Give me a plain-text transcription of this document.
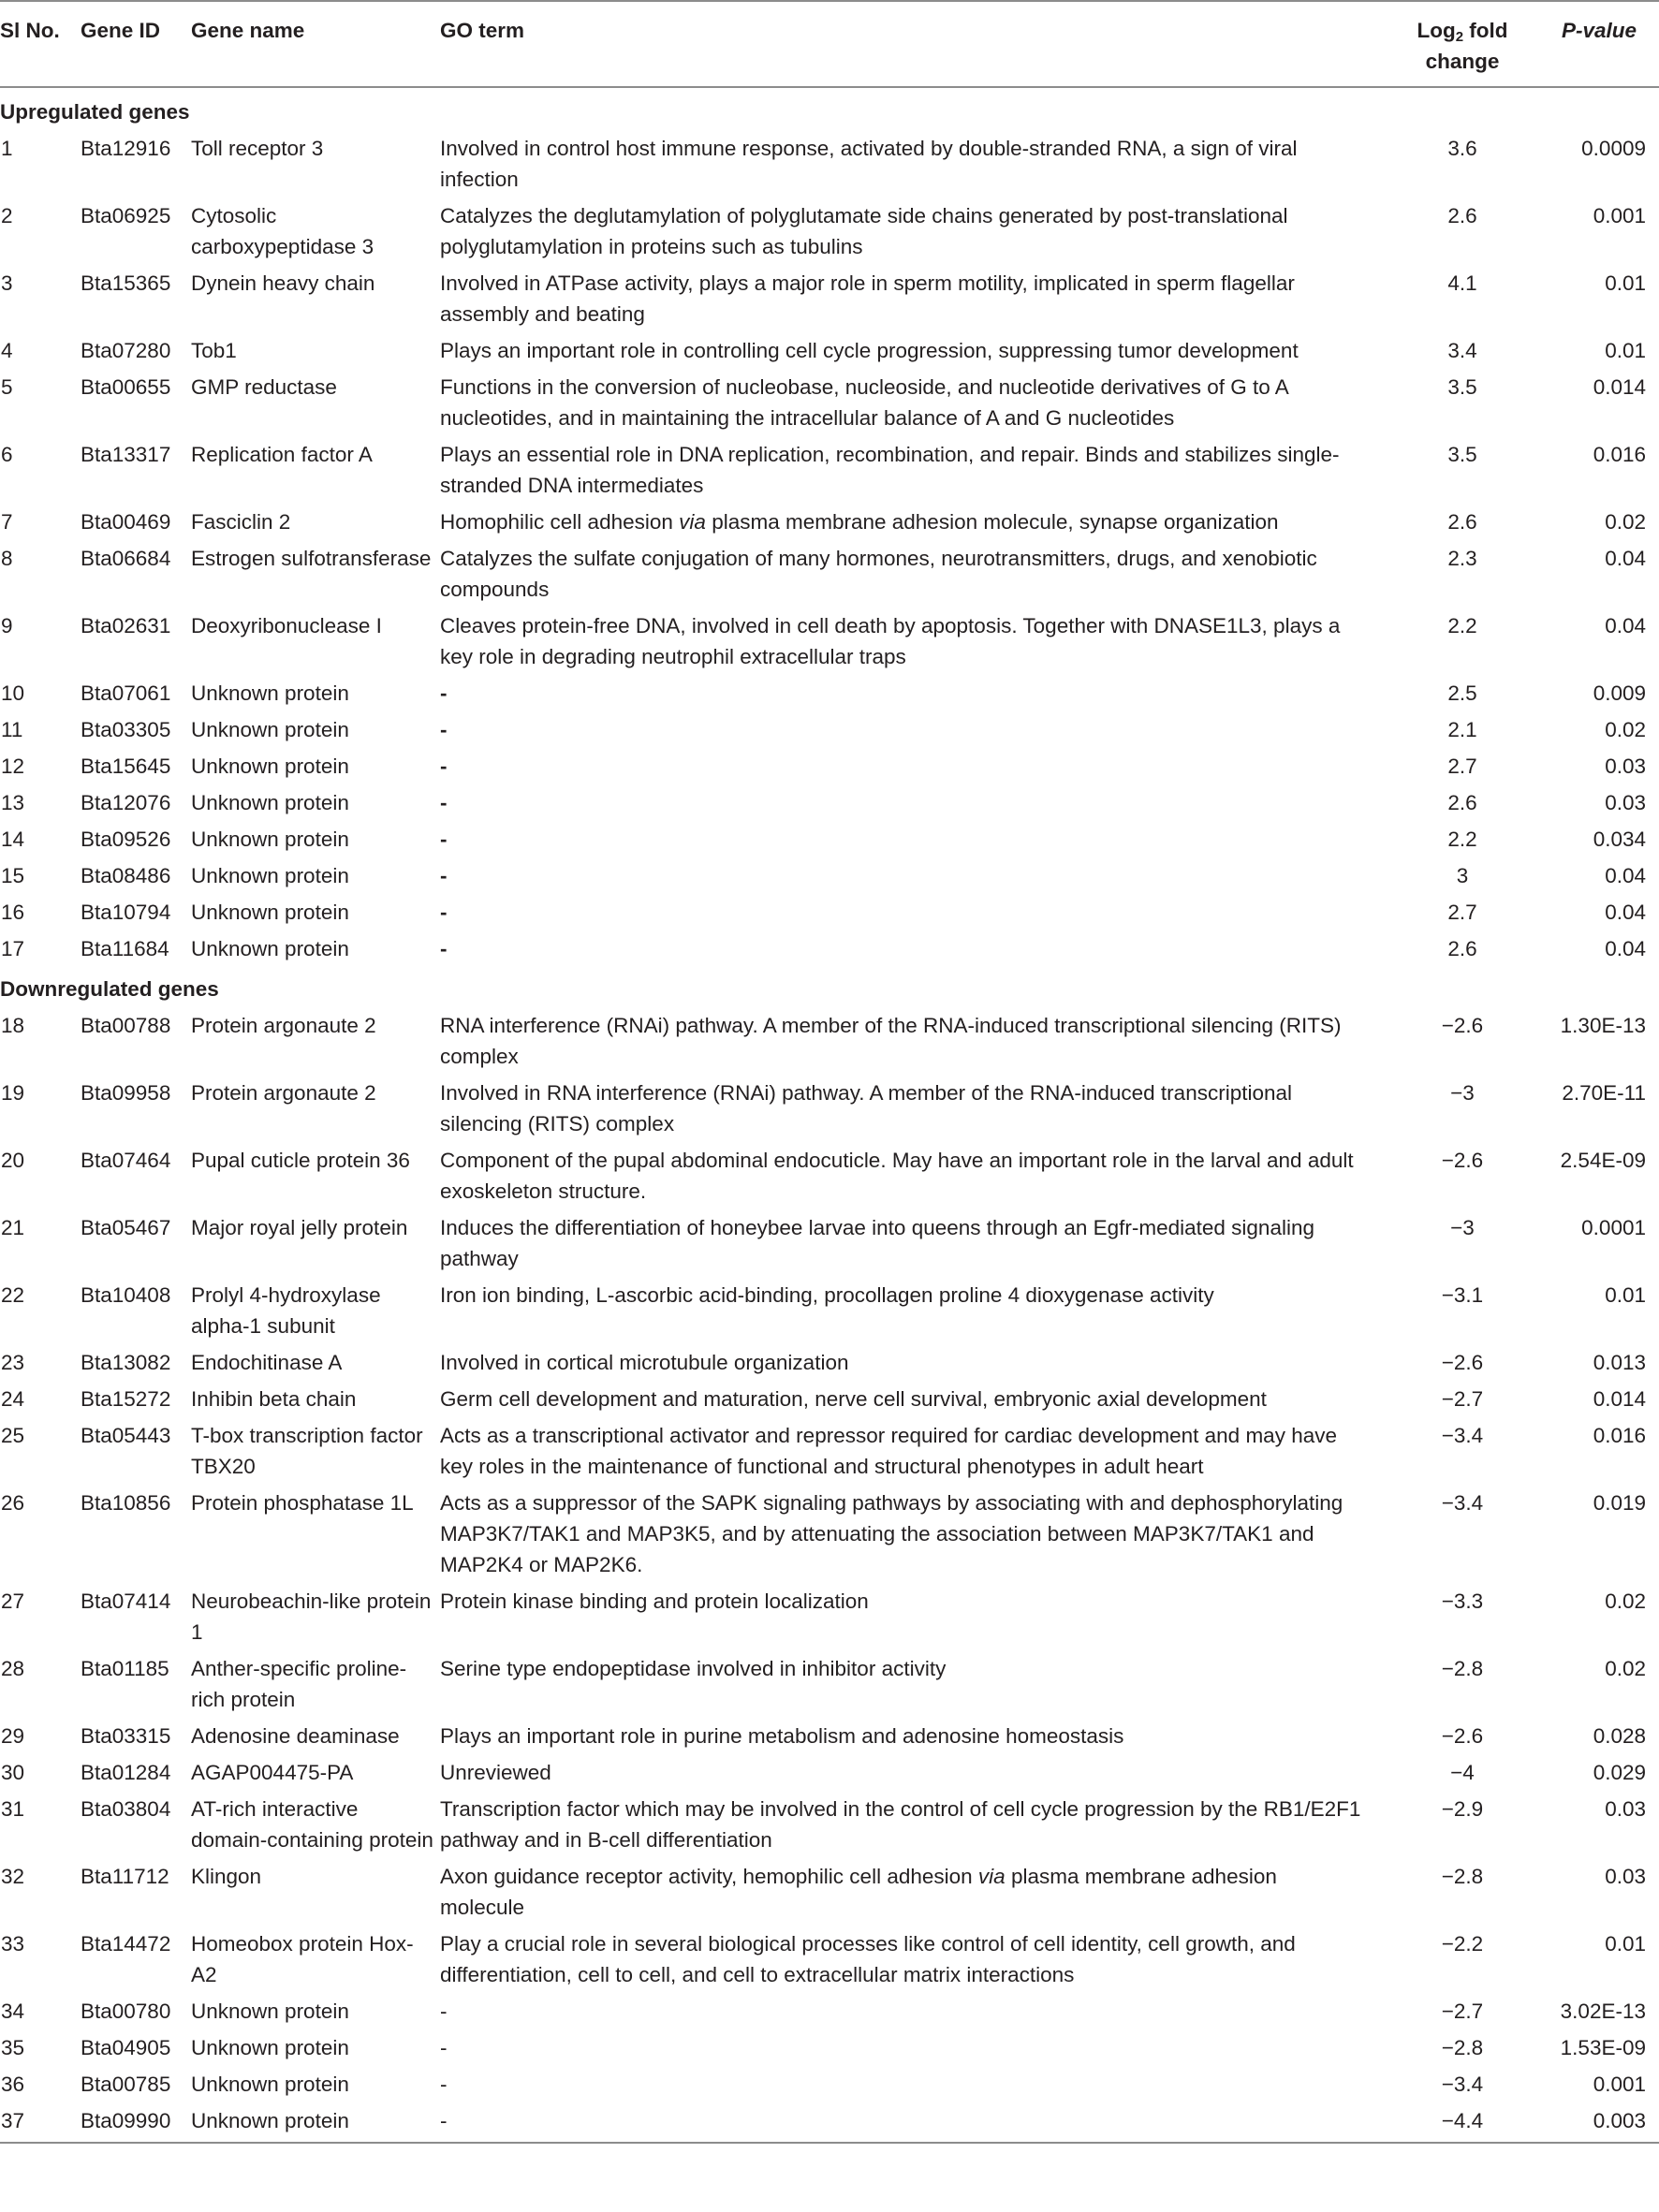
Sl No.	Gene ID	Gene name	GO term	Log$_2$ fold change	P-value
Upregulated genes					
1	Bta12916	Toll receptor 3	Involved in control host immune response, activated by double-stranded RNA, a sign of viral infection	3.6	0.0009
2	Bta06925	Cytosolic carboxypeptidase 3	Catalyzes the deglutamylation of polyglutamate side chains generated by post-translational polyglutamylation in proteins such as tubulins	2.6	0.001
3	Bta15365	Dynein heavy chain	Involved in ATPase activity, plays a major role in sperm motility, implicated in sperm flagellar assembly and beating	4.1	0.01
4	Bta07280	Tob1	Plays an important role in controlling cell cycle progression, suppressing tumor development	3.4	0.01
5	Bta00655	GMP reductase	Functions in the conversion of nucleobase, nucleoside, and nucleotide derivatives of G to A nucleotides, and in maintaining the intracellular balance of A and G nucleotides	3.5	0.014
6	Bta13317	Replication factor A	Plays an essential role in DNA replication, recombination, and repair. Binds and stabilizes single-stranded DNA intermediates	3.5	0.016
7	Bta00469	Fasciclin 2	Homophilic cell adhesion via plasma membrane adhesion molecule, synapse organization	2.6	0.02
8	Bta06684	Estrogen sulfotransferase	Catalyzes the sulfate conjugation of many hormones, neurotransmitters, drugs, and xenobiotic compounds	2.3	0.04
9	Bta02631	Deoxyribonuclease I	Cleaves protein-free DNA, involved in cell death by apoptosis. Together with DNASE1L3, plays a key role in degrading neutrophil extracellular traps	2.2	0.04
10	Bta07061	Unknown protein	-	2.5	0.009
11	Bta03305	Unknown protein	-	2.1	0.02
12	Bta15645	Unknown protein	-	2.7	0.03
13	Bta12076	Unknown protein	-	2.6	0.03
14	Bta09526	Unknown protein	-	2.2	0.034
15	Bta08486	Unknown protein	-	3	0.04
16	Bta10794	Unknown protein	-	2.7	0.04
17	Bta11684	Unknown protein	-	2.6	0.04
Downregulated genes					
18	Bta00788	Protein argonaute 2	RNA interference (RNAi) pathway. A member of the RNA-induced transcriptional silencing (RITS) complex	−2.6	1.30E-13
19	Bta09958	Protein argonaute 2	Involved in RNA interference (RNAi) pathway. A member of the RNA-induced transcriptional silencing (RITS) complex	−3	2.70E-11
20	Bta07464	Pupal cuticle protein 36	Component of the pupal abdominal endocuticle. May have an important role in the larval and adult exoskeleton structure.	−2.6	2.54E-09
21	Bta05467	Major royal jelly protein	Induces the differentiation of honeybee larvae into queens through an Egfr-mediated signaling pathway	−3	0.0001
22	Bta10408	Prolyl 4-hydroxylase alpha-1 subunit	Iron ion binding, L-ascorbic acid-binding, procollagen proline 4 dioxygenase activity	−3.1	0.01
23	Bta13082	Endochitinase A	Involved in cortical microtubule organization	−2.6	0.013
24	Bta15272	Inhibin beta chain	Germ cell development and maturation, nerve cell survival, embryonic axial development	−2.7	0.014
25	Bta05443	T-box transcription factor TBX20	Acts as a transcriptional activator and repressor required for cardiac development and may have key roles in the maintenance of functional and structural phenotypes in adult heart	−3.4	0.016
26	Bta10856	Protein phosphatase 1L	Acts as a suppressor of the SAPK signaling pathways by associating with and dephosphorylating MAP3K7/TAK1 and MAP3K5, and by attenuating the association between MAP3K7/TAK1 and MAP2K4 or MAP2K6.	−3.4	0.019
27	Bta07414	Neurobeachin-like protein 1	Protein kinase binding and protein localization	−3.3	0.02
28	Bta01185	Anther-specific proline-rich protein	Serine type endopeptidase involved in inhibitor activity	−2.8	0.02
29	Bta03315	Adenosine deaminase	Plays an important role in purine metabolism and adenosine homeostasis	−2.6	0.028
30	Bta01284	AGAP004475-PA	Unreviewed	−4	0.029
31	Bta03804	AT-rich interactive domain-containing protein	Transcription factor which may be involved in the control of cell cycle progression by the RB1/E2F1 pathway and in B-cell differentiation	−2.9	0.03
32	Bta11712	Klingon	Axon guidance receptor activity, hemophilic cell adhesion via plasma membrane adhesion molecule	−2.8	0.03
33	Bta14472	Homeobox protein Hox-A2	Play a crucial role in several biological processes like control of cell identity, cell growth, and differentiation, cell to cell, and cell to extracellular matrix interactions	−2.2	0.01
34	Bta00780	Unknown protein	-	−2.7	3.02E-13
35	Bta04905	Unknown protein	-	−2.8	1.53E-09
36	Bta00785	Unknown protein	-	−3.4	0.001
37	Bta09990	Unknown protein	-	−4.4	0.003
